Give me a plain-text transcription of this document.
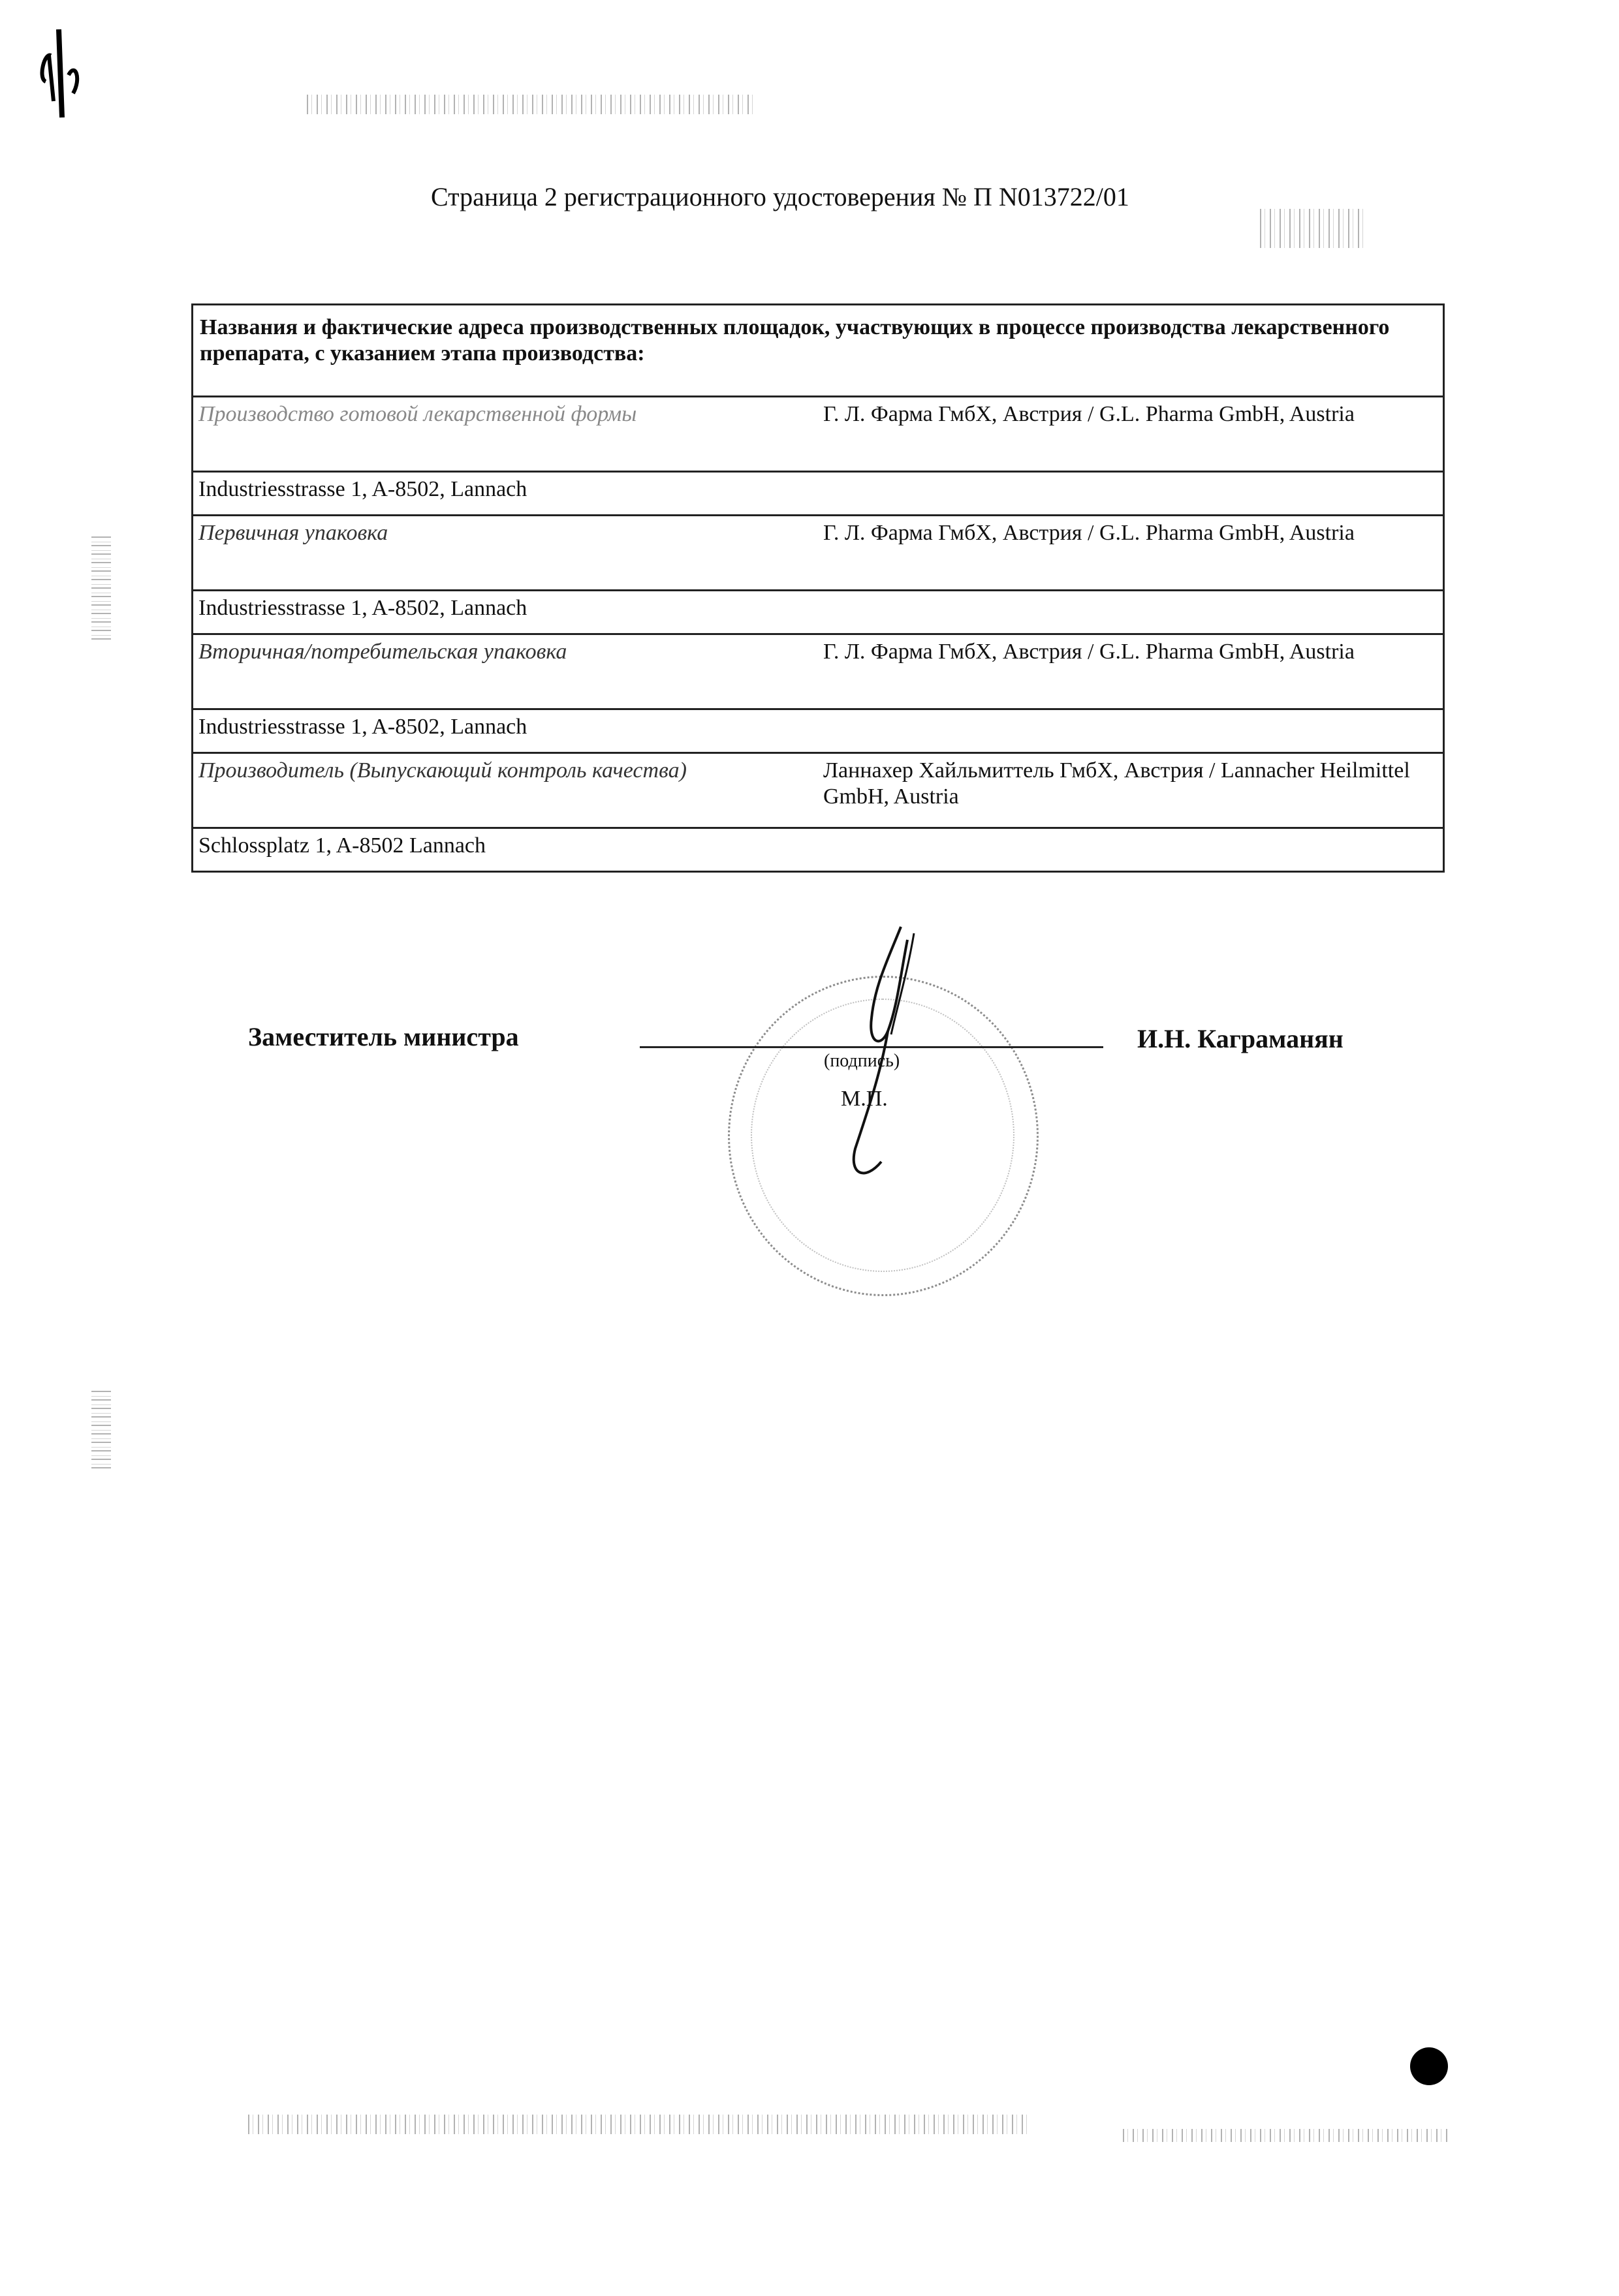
Страница 2 регистрационного удостоверения № П N013722/01
Названия и фактические адреса производственных площадок, участвующих в процессе производства лекарственного препарата, с указанием этапа производства:	
Производство готовой лекарственной формы	Г. Л. Фарма ГмбХ, Австрия / G.L. Pharma GmbH, Austria
Industriesstrasse 1, A-8502, Lannach	
Первичная упаковка	Г. Л. Фарма ГмбХ, Австрия / G.L. Pharma GmbH, Austria
Industriesstrasse 1, A-8502, Lannach	
Вторичная/потребительская упаковка	Г. Л. Фарма ГмбХ, Австрия / G.L. Pharma GmbH, Austria
Industriesstrasse 1, A-8502, Lannach	
Производитель (Выпускающий контроль качества)	Ланнахер Хайльмиттель ГмбХ, Австрия / Lannacher Heilmittel GmbH, Austria
Schlossplatz 1, A-8502 Lannach	
Заместитель министра
(подпись)
М.П.
И.Н. Каграманян
